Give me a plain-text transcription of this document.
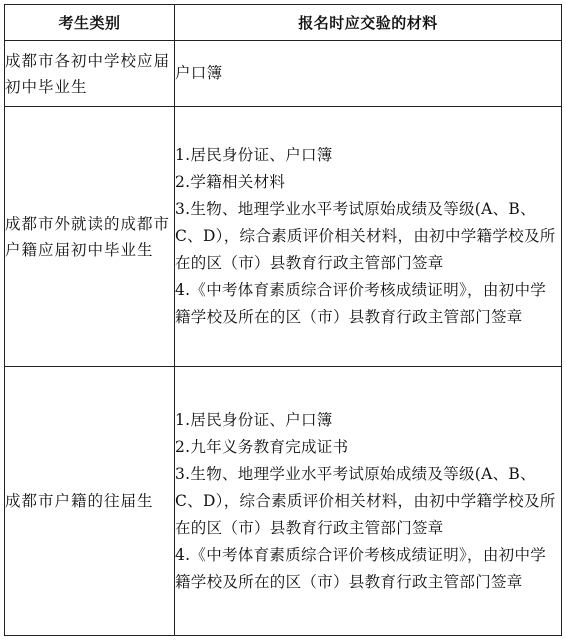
考生类别	报名时应交验的材料
成都市各初中学校应届初中毕业生	户口簿

成都市外就读的成都市户籍应届初中毕业生	1.居民身份证、户口簿
2.学籍相关材料
3.生物、地理学业水平考试原始成绩及等级(A、B、C、D），综合素质评价相关材料，由初中学籍学校及所在的区（市）县教育行政主管部门签章
4.《中考体育素质综合评价考核成绩证明》，由初中学籍学校及所在的区（市）县教育行政主管部门签章

成都市户籍的往届生	1.居民身份证、户口簿
2.九年义务教育完成证书
3.生物、地理学业水平考试原始成绩及等级(A、B、C、D），综合素质评价相关材料，由初中学籍学校及所在的区（市）县教育行政主管部门签章
4.《中考体育素质综合评价考核成绩证明》，由初中学籍学校及所在的区（市）县教育行政主管部门签章
